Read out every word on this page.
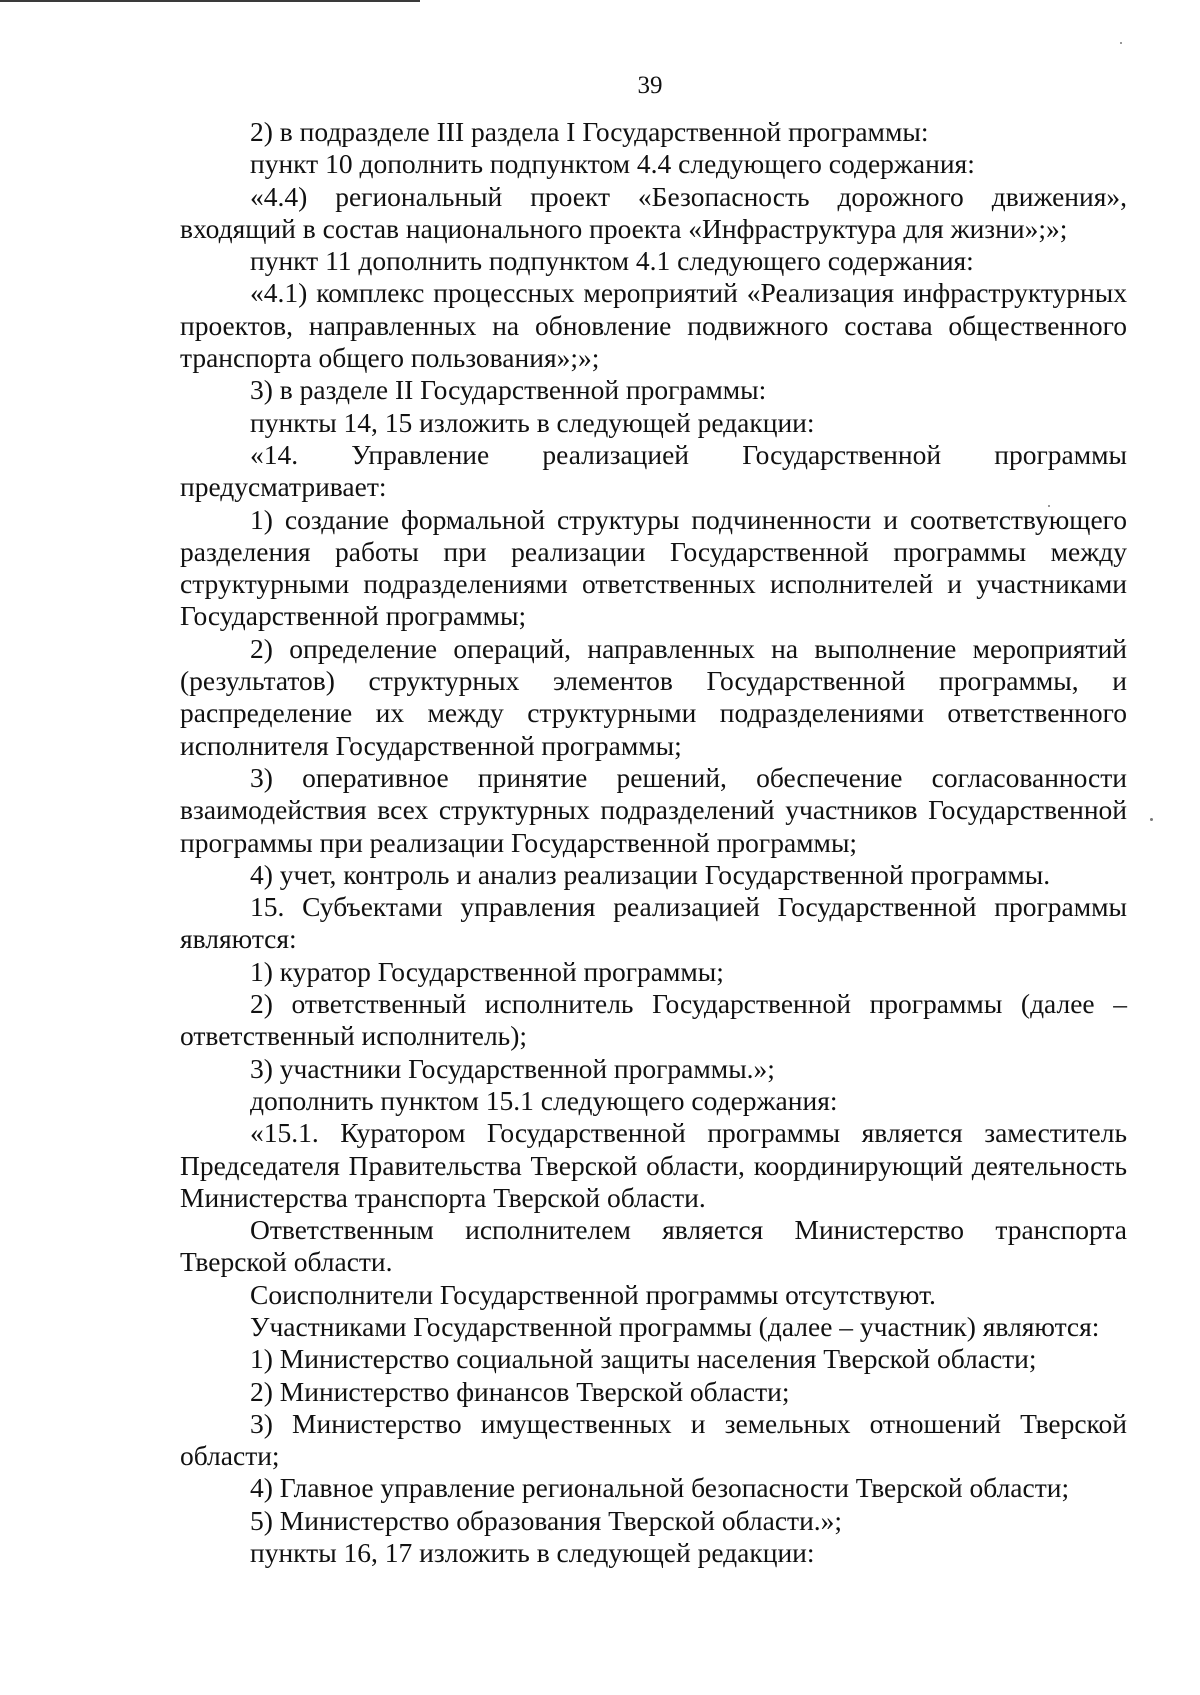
39

2) в подразделе III раздела I Государственной программы:

пункт 10 дополнить подпунктом 4.4 следующего содержания:

«4.4) региональный проект «Безопасность дорожного движения», входящий в состав национального проекта «Инфраструктура для жизни»;»;

пункт 11 дополнить подпунктом 4.1 следующего содержания:

«4.1) комплекс процессных мероприятий «Реализация инфраструктурных проектов, направленных на обновление подвижного состава общественного транспорта общего пользования»;»;

3) в разделе II Государственной программы:

пункты 14, 15 изложить в следующей редакции:

«14. Управление реализацией Государственной программы предусматривает:

1) создание формальной структуры подчиненности и соответствующего разделения работы при реализации Государственной программы между структурными подразделениями ответственных исполнителей и участниками Государственной программы;

2) определение операций, направленных на выполнение мероприятий (результатов) структурных элементов Государственной программы, и распределение их между структурными подразделениями ответственного исполнителя Государственной программы;

3) оперативное принятие решений, обеспечение согласованности взаимодействия всех структурных подразделений участников Государственной программы при реализации Государственной программы;

4) учет, контроль и анализ реализации Государственной программы.

15. Субъектами управления реализацией Государственной программы являются:

1) куратор Государственной программы;

2) ответственный исполнитель Государственной программы (далее – ответственный исполнитель);

3) участники Государственной программы.»;

дополнить пунктом 15.1 следующего содержания:

«15.1. Куратором Государственной программы является заместитель Председателя Правительства Тверской области, координирующий деятельность Министерства транспорта Тверской области.

Ответственным исполнителем является Министерство транспорта Тверской области.

Соисполнители Государственной программы отсутствуют.

Участниками Государственной программы (далее – участник) являются:

1) Министерство социальной защиты населения Тверской области;

2) Министерство финансов Тверской области;

3) Министерство имущественных и земельных отношений Тверской области;

4) Главное управление региональной безопасности Тверской области;

5) Министерство образования Тверской области.»;

пункты 16, 17 изложить в следующей редакции:
